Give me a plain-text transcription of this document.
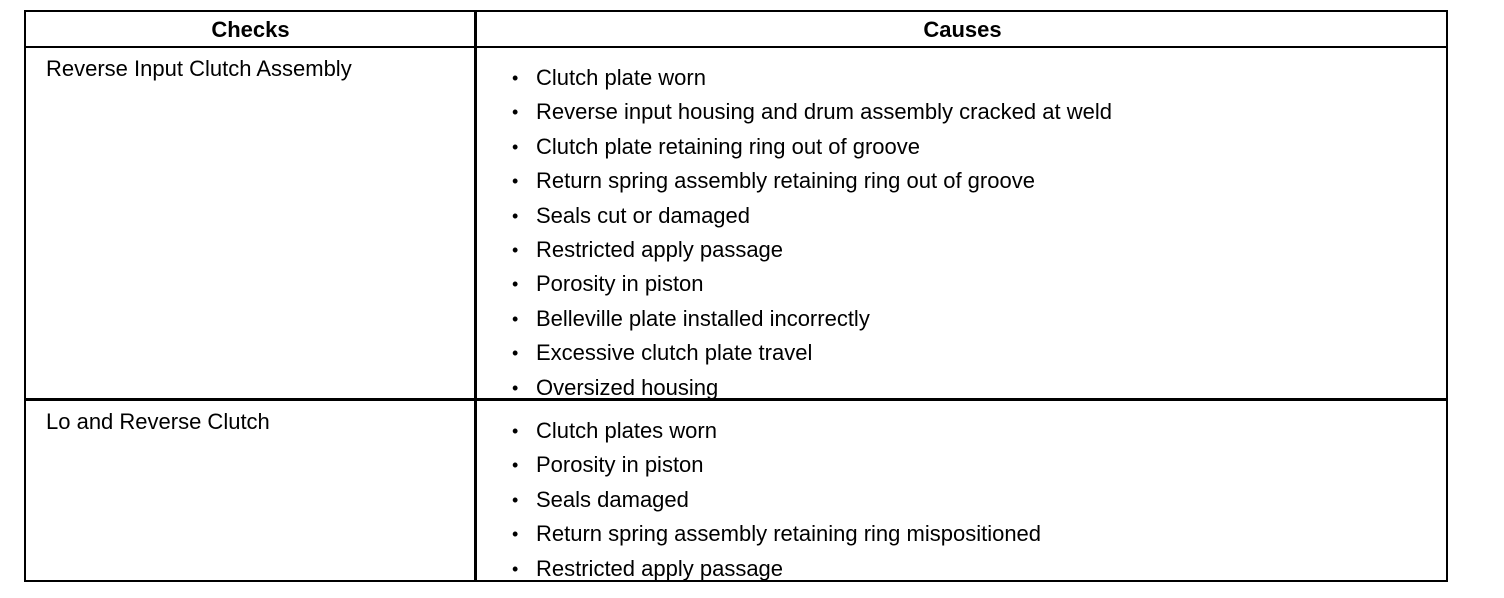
Checks	Causes
Reverse Input Clutch Assembly	• Clutch plate worn
• Reverse input housing and drum assembly cracked at weld
• Clutch plate retaining ring out of groove
• Return spring assembly retaining ring out of groove
• Seals cut or damaged
• Restricted apply passage
• Porosity in piston
• Belleville plate installed incorrectly
• Excessive clutch plate travel
• Oversized housing
Lo and Reverse Clutch	• Clutch plates worn
• Porosity in piston
• Seals damaged
• Return spring assembly retaining ring mispositioned
• Restricted apply passage
